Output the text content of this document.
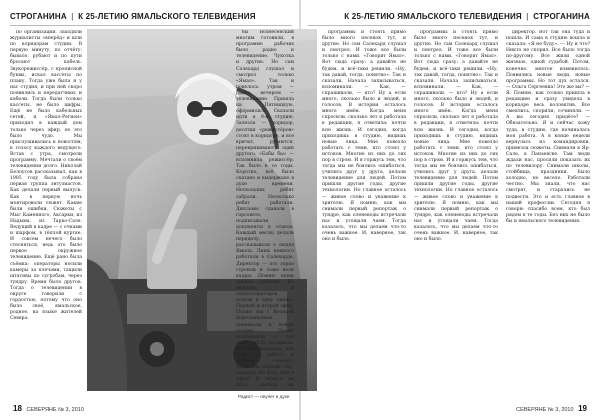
СТРОГАНИНА | К 25-ЛЕТИЮ ЯМАЛЬСКОГО ТЕЛЕВИДЕНИЯ	К 25-ЛЕТИЮ ЯМАЛЬСКОГО ТЕЛЕВИДЕНИЯ | СТРОГАНИНА

по организации. Заходили журналисты «вперёд» и шли по коридорам студии. В первую минуту, по отчёту: бывало, рубают и по пути бросают кабель. Звукорежиссёр, с прописной буквы, искал кассеты по плану. Тогда уже была и у нас студия, и при ней скоро появились и передатчики, и кабели. Тогда были только кассеты, не было цифры. Ещё не было кабельных сетей, и «Ямал-Регион» приходил в каждый дом только через эфир, но это было чудо. Мы прислушивались к новостям, к голосу каждого ведущего. Встав с утра, смотрели программу. Мечтали о своём телевидении долго. Николай Белоусов рассказывал, как в 1985 году была собрана первая группа энтузиастов. Как делали первый выпуск. Как в первую ночь монтировали сюжет. Какие были ошибки. Сюжеты с Мыс Каменного, Аксарки, из Надыма, из Тарко-Сале. Ведущий в кадре — с очками и шарфом, в тёплой куртке. И совсем нечего было стесняться, ведь это было первое окружное телевидение. Ещё рано была съёмка: операторы носили камеры за плечами, тащили штативы по сугробам, через тундру. Время было другое. Тогда о телевидении в округе говорили с гордостью, потому что оно было своё, ямальское, родное, на языке жителей Севера.

Радист — неунет в духе

бы Вознесенский многим готовили, в программе рабочих было радио и телевидение. Чукотка и другие. Но сам Салехард слушал и смотрел только «Ямал». Так и повелось: утром — радио, вечером — телевидение. Пришла на Пятницкую, оформилась. Сказали идти в 9-ю студию. Залезла — коридор, десятки «режиссёров» стоят в коридоре, и все кричат, ругаются, перекрикивают один другого. «Бабы бы» — вспомнила режиссёр. Так было в те годы. Коротко, всё было сказано и выдержано в духе времени. Нескольких ребят забрали. Несколько ребят работали. Дипломы сдавали в горсовете, подписывали документы в отделе. Каждый месяц делали передачу, рассказывали о людях Ямала. Лишь немного работали в Салехарде. Директор — это зорко строили и тоже вели кадры. Помню наши первые рабочие. Из ведущих и звукооператоров встали в одну линию. Первый и второй эфир. Позже мы с Володей Воротниковым переехали в новую студию. Позже вспоминали о той зиме, когда начинали. Мы ещё помнили, как шли на работу и сдавали сюжеты. Написали первый: «Ну, сказали. Не хочу тебе в эфир! И ничего не было, ничего не

программы и стоять прямо было много песенок тут, и другие. Но сам Салехард слушал и смотрел. И тоже все были только с нами. «Говорит Ямал». Вот сюда сразу: а давайте не будем, и всё-таки решили. «Ну, так давай, тогда, понятно». Так и сказали. Начала записываться, вспоминали. — Как, — спрашивали, — кто? Ну а если много, сколько было и людей, и голосов. В истории осталось много имён. Когда меня спросили, сколько лет я работала в редакции, я ответила: почти всю жизнь. И сегодня, когда приходишь в студию, видишь новые лица. Мне повезло работать с теми, кто стоял у истоков. Многие из них до сих пор в строю. И я горжусь тем, что тогда мы не боялись ошибаться, учились друг у друга, делали телевидение для людей. Потом пришли другие годы, другие технологии. Но главное осталось — живое слово и уважение к зрителю. Я помню, как мы снимали первый репортаж о тундре, как оленеводы встречали нас и угощали чаем. Тогда казалось, что мы делаем что-то очень важное. И, наверное, так оно и было.

программы и стоять прямо было много песенок тут, и другие. Но сам Салехард слушал и смотрел. И тоже все были только с нами. «Говорит Ямал». Вот сюда сразу: а давайте не будем, и всё-таки решили. «Ну, так давай, тогда, понятно». Так и сказали. Начала записываться, вспоминали. — Как, — спрашивали, — кто? Ну а если много, сколько было и людей, и голосов. В истории осталось много имён. Когда меня спросили, сколько лет я работала в редакции, я ответила: почти всю жизнь. И сегодня, когда приходишь в студию, видишь новые лица. Мне повезло работать с теми, кто стоял у истоков. Многие из них до сих пор в строю. И я горжусь тем, что тогда мы не боялись ошибаться, учились друг у друга, делали телевидение для людей. Потом пришли другие годы, другие технологии. Но главное осталось — живое слово и уважение к зрителю. Я помню, как мы снимали первый репортаж о тундре, как оленеводы встречали нас и угощали чаем. Тогда казалось, что мы делаем что-то очень важное. И, наверное, так оно и было.

директор. Вот так она туда и пошла. И сама в студию вошла и сказала: «Я не буду». — Ну и что? Никто не спорил. Все было тогда по-другому. Все жили одной жизнью, одной судьбой. Потом, конечно, многое изменилось. Появились новые люди, новые программы. Но тот дух остался. — Ольга Сергеевна! Это же вы? — Я. Помню, как только пришла в редакцию и сразу увидела в коридоре весь коллектив. Все смеялись, спорили, сочиняли. — А вы сегодня придёте? — Обязательно. Я и сейчас хожу туда, в студию, где начиналась моя работа. А в конце недели вернулась из командировки, привезла сюжеты. Снимали в Яр-Сале, в Панаевске. Там люди ждали нас, просили показать их по телевизору. Снимали школы, стойбища, праздники. Было холодно, но весело. Работали честно. Мы знали, что нас смотрят, и старались не подвести. Это и есть главное в нашей профессии. Сегодня я говорю спасибо всем, кто был рядом в те годы. Без них не было бы и ямальского телевидения.

18 СЕВЕРЯНЕ № 3, 2010	СЕВЕРЯНЕ № 3, 2010 19
